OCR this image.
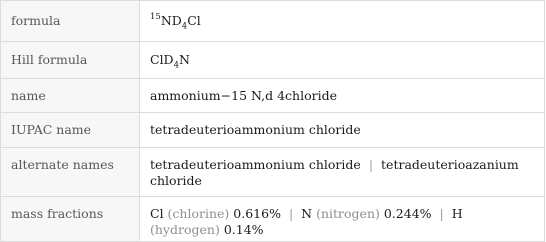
formula	$^{15}ND_4Cl$
Hill formula	ClD$_4$N
name	ammonium−15 N,d 4chloride
IUPAC name	tetradeuterioammonium chloride
alternate names	tetradeuterioammonium chloride | tetradeuterioazanium chloride
mass fractions	Cl (chlorine) 0.616% | N (nitrogen) 0.244% | H (hydrogen) 0.14%
